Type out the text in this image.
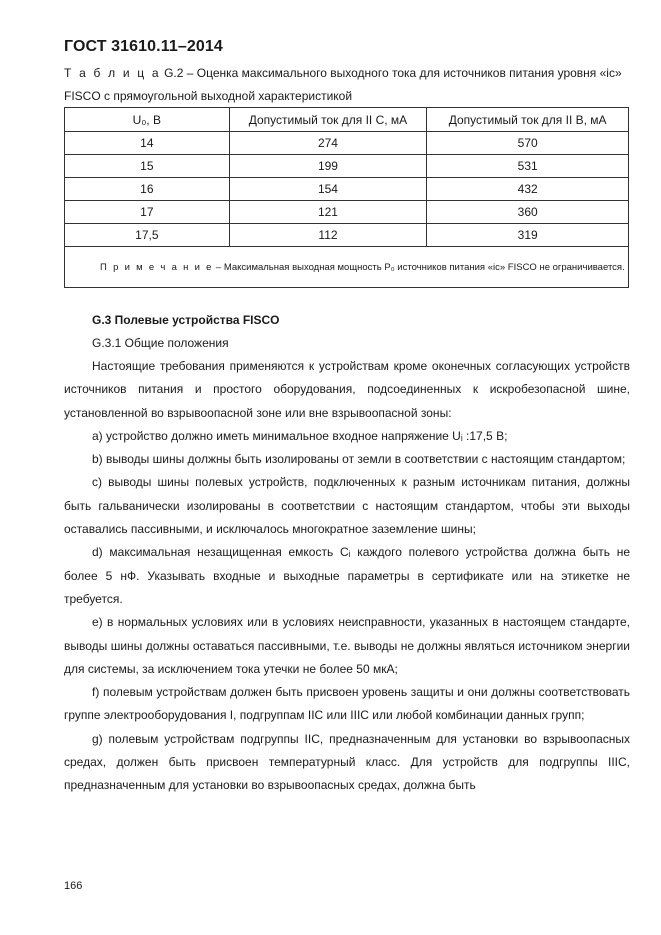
ГОСТ 31610.11–2014
Т а б л и ц а G.2 – Оценка максимального выходного тока для источников питания уровня «ic» FISCO с прямоугольной выходной характеристикой
U₀, В	Допустимый ток для II C, мА	Допустимый ток для II B, мА
14	274	570
15	199	531
16	154	432
17	121	360
17,5	112	319
П р и м е ч а н и е – Максимальная выходная мощность P₀ источников питания «ic» FISCO не ограничивается.		
G.3 Полевые устройства FISCO
G.3.1 Общие положения

Настоящие требования применяются к устройствам кроме оконечных согласующих устройств источников питания и простого оборудования, подсоединенных к искробезопасной шине, установленной во взрывоопасной зоне или вне взрывоопасной зоны:

a) устройство должно иметь минимальное входное напряжение Uᵢ :17,5 В;

b) выводы шины должны быть изолированы от земли в соответствии с настоящим стандартом;

c) выводы шины полевых устройств, подключенных к разным источникам питания, должны быть гальванически изолированы в соответствии с настоящим стандартом, чтобы эти выходы оставались пассивными, и исключалось многократное заземление шины;

d) максимальная незащищенная емкость Cᵢ каждого полевого устройства должна быть не более 5 нФ. Указывать входные и выходные параметры в сертификате или на этикетке не требуется.

e) в нормальных условиях или в условиях неисправности, указанных в настоящем стандарте, выводы шины должны оставаться пассивными, т.е. выводы не должны являться источником энергии для системы, за исключением тока утечки не более 50 мкА;

f) полевым устройствам должен быть присвоен уровень защиты и они должны соответствовать группе электрооборудования I, подгруппам IIC или IIIC или любой комбинации данных групп;

g) полевым устройствам подгруппы IIC, предназначенным для установки во взрывоопасных средах, должен быть присвоен температурный класс. Для устройств для подгруппы IIIC, предназначенным для установки во взрывоопасных средах, должна быть

166
